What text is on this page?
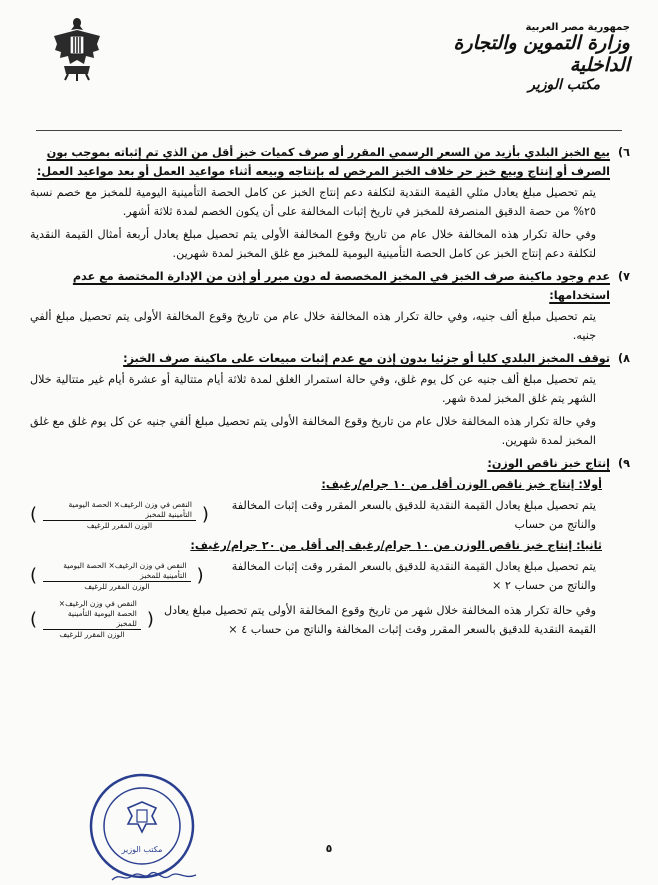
جمهورية مصر العربية
وزارة التموين والتجارة الداخلية
مكتب الوزير
٦)
بيع الخبز البلدي بأزيد من السعر الرسمي المقرر أو صرف كميات خبز أقل من الذي تم إثباته بموجب بون الصرف أو إنتاج وبيع خبز حر خلاف الخبز المرخص له بإنتاجه وبيعه أثناء مواعيد العمل أو بعد مواعيد العمل:

يتم تحصيل مبلغ يعادل مثلي القيمة النقدية لتكلفة دعم إنتاج الخبز عن كامل الحصة التأمينية اليومية للمخبز مع خصم نسبة ٢٥% من حصة الدقيق المنصرفة للمخبز في تاريخ إثبات المخالفة على أن يكون الخصم لمدة ثلاثة أشهر.

وفي حالة تكرار هذه المخالفة خلال عام من تاريخ وقوع المخالفة الأولى يتم تحصيل مبلغ يعادل أربعة أمثال القيمة النقدية لتكلفة دعم إنتاج الخبز عن كامل الحصة التأمينية اليومية للمخبز مع غلق المخبز لمدة شهرين.

٧)
عدم وجود ماكينة صرف الخبز في المخبز المخصصة له دون مبرر أو إذن من الإدارة المختصة مع عدم استخدامها:

يتم تحصيل مبلغ ألف جنيه، وفي حالة تكرار هذه المخالفة خلال عام من تاريخ وقوع المخالفة الأولى يتم تحصيل مبلغ ألفي جنيه.

٨)
توقف المخبز البلدي كليا أو جزئيا بدون إذن مع عدم إثبات مبيعات على ماكينة صرف الخبز:

يتم تحصيل مبلغ ألف جنيه عن كل يوم غلق، وفي حالة استمرار الغلق لمدة ثلاثة أيام متتالية أو عشرة أيام غير متتالية خلال الشهر يتم غلق المخبز لمدة شهر.

وفي حالة تكرار هذه المخالفة خلال عام من تاريخ وقوع المخالفة الأولى يتم تحصيل مبلغ ألفي جنيه عن كل يوم غلق مع غلق المخبز لمدة شهرين.

٩)
إنتاج خبز ناقص الوزن:
أولا: إنتاج خبز ناقص الوزن أقل من ١٠ جرام/رغيف:
يتم تحصيل مبلغ يعادل القيمة النقدية للدقيق بالسعر المقرر وقت إثبات المخالفة والناتج من حساب
(
$\frac{\text{النقص في وزن الرغيف× الحصة اليومية التأمينية للمخبز}}{\text{الوزن المقرر للرغيف}}$
)
ثانيا: إنتاج خبز ناقص الوزن من ١٠ جرام/رغيف إلى أقل من ٢٠ جرام/رغيف:
يتم تحصيل مبلغ يعادل القيمة النقدية للدقيق بالسعر المقرر وقت إثبات المخالفة والناتج من حساب ٢ ×
(
$\frac{\text{النقص في وزن الرغيف× الحصة اليومية التأمينية للمخبز}}{\text{الوزن المقرر للرغيف}}$
)
وفي حالة تكرار هذه المخالفة خلال شهر من تاريخ وقوع المخالفة الأولى يتم تحصيل مبلغ يعادل القيمة النقدية للدقيق بالسعر المقرر وقت إثبات المخالفة والناتج من حساب ٤ ×
(
$\frac{\text{النقص في وزن الرغيف× الحصة اليومية التأمينية للمخبز}}{\text{الوزن المقرر للرغيف}}$
)
مكتب الوزير	٥
